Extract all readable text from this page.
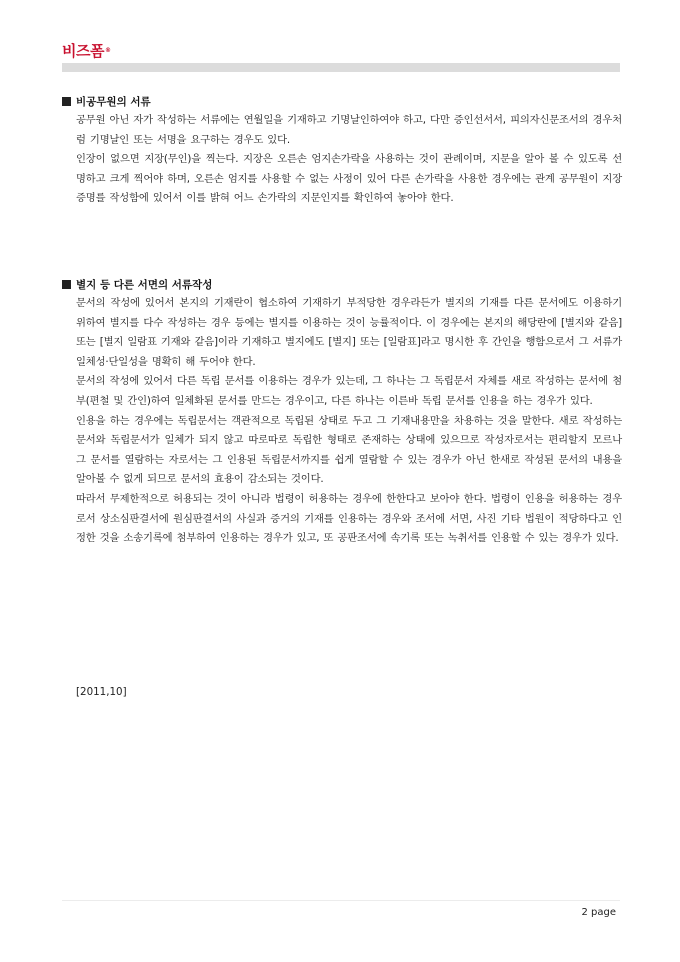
비즈폼®
비공무원의 서류

공무원 아닌 자가 작성하는 서류에는 연월일을 기재하고 기명날인하여야 하고, 다만 증인선서서, 피의자신문조서의 경우처럼 기명날인 또는 서명을 요구하는 경우도 있다.

인장이 없으면 지장(무인)을 찍는다. 지장은 오른손 엄지손가락을 사용하는 것이 관례이며, 지문을 알아 볼 수 있도록 선명하고 크게 찍어야 하며, 오른손 엄지를 사용할 수 없는 사정이 있어 다른 손가락을 사용한 경우에는 관계 공무원이 지장증명를 작성함에 있어서 이를 밝혀 어느 손가락의 지문인지를 확인하여 놓아야 한다.

별지 등 다른 서면의 서류작성

문서의 작성에 있어서 본지의 기재란이 협소하여 기재하기 부적당한 경우라든가 별지의 기재를 다른 문서에도 이용하기 위하여 별지를 다수 작성하는 경우 등에는 별지를 이용하는 것이 능률적이다. 이 경우에는 본지의 해당란에 [별지와 같음] 또는 [별지 일람표 기재와 같음]이라 기재하고 별지에도 [별지] 또는 [일람표]라고 명시한 후 간인을 행함으로서 그 서류가 일체성·단일성을 명확히 해 두어야 한다.

문서의 작성에 있어서 다른 독립 문서를 이용하는 경우가 있는데, 그 하나는 그 독립문서 자체를 새로 작성하는 문서에 첨부(편철 및 간인)하여 일체화된 문서를 만드는 경우이고, 다른 하나는 이른바 독립 문서를 인용을 하는 경우가 있다.

인용을 하는 경우에는 독립문서는 객관적으로 독립된 상태로 두고 그 기재내용만을 차용하는 것을 말한다. 새로 작성하는 문서와 독립문서가 일체가 되지 않고 따로따로 독립한 형태로 존재하는 상태에 있으므로 작성자로서는 편리할지 모르나 그 문서를 열람하는 자로서는 그 인용된 독립문서까지를 쉽게 열람할 수 있는 경우가 아닌 한새로 작성된 문서의 내용을 알아볼 수 없게 되므로 문서의 효용이 감소되는 것이다.

따라서 무제한적으로 허용되는 것이 아니라 법령이 허용하는 경우에 한한다고 보아야 한다. 법령이 인용을 허용하는 경우로서 상소심판결서에 원심판결서의 사실과 증거의 기재를 인용하는 경우와 조서에 서면, 사진 기타 법원이 적당하다고 인정한 것을 소송기록에 첨부하여 인용하는 경우가 있고, 또 공판조서에 속기록 또는 녹취서를 인용할 수 있는 경우가 있다.

[2011,10]
2 page
